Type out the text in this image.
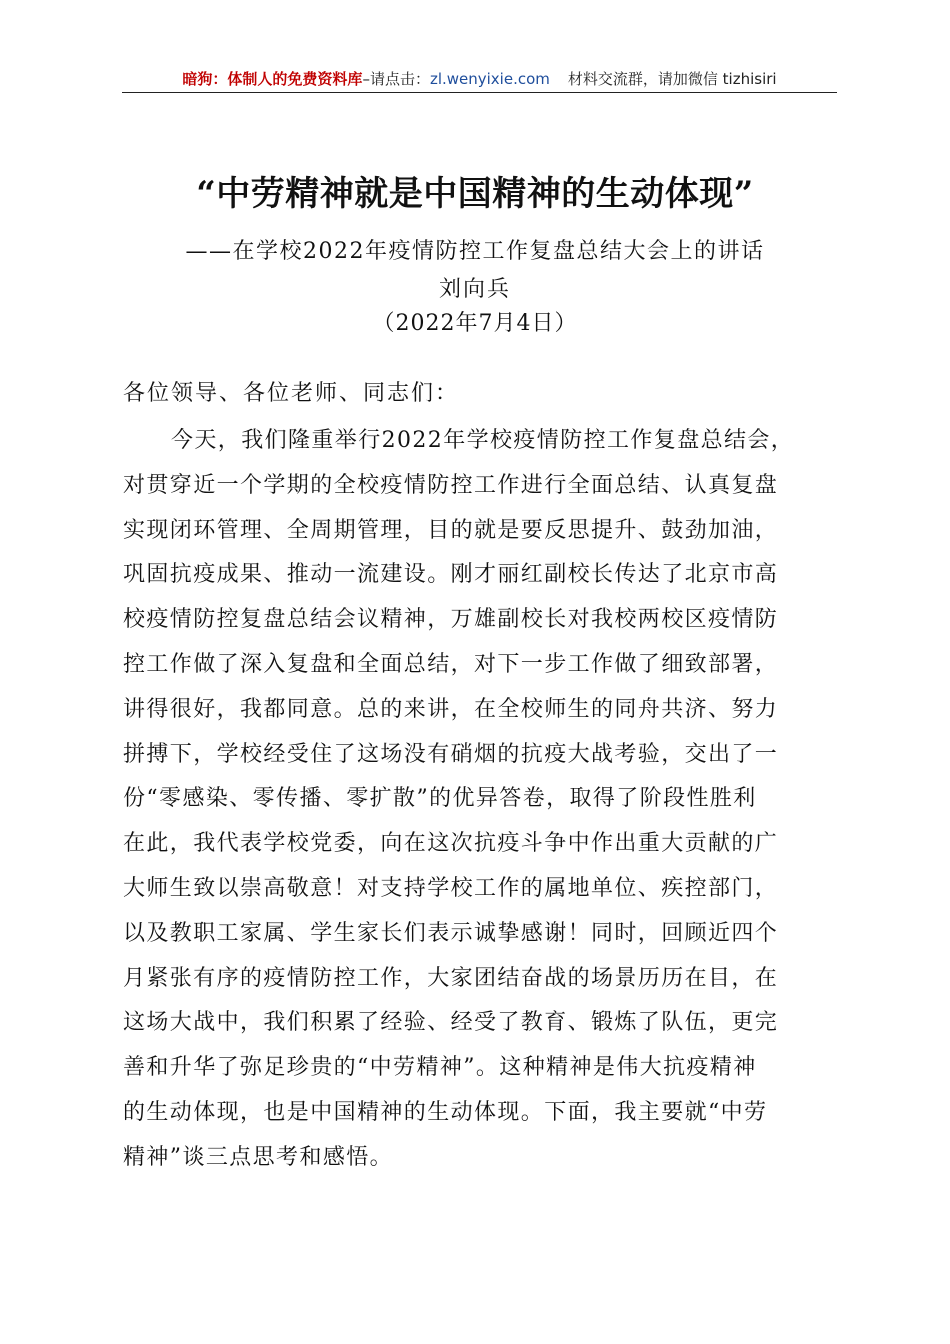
暗狗：体制人的免费资料库–请点击：zl.wenyixie.com 材料交流群，请加微信 tizhisiri
“中劳精神就是中国精神的生动体现”
——在学校2022年疫情防控工作复盘总结大会上的讲话
刘向兵
（2022年7月4日）
各位领导、各位老师、同志们：
今天，我们隆重举行2022年学校疫情防控工作复盘总结会，
对贯穿近一个学期的全校疫情防控工作进行全面总结、认真复盘
实现闭环管理、全周期管理，目的就是要反思提升、鼓劲加油，
巩固抗疫成果、推动一流建设。刚才丽红副校长传达了北京市高
校疫情防控复盘总结会议精神，万雄副校长对我校两校区疫情防
控工作做了深入复盘和全面总结，对下一步工作做了细致部署，
讲得很好，我都同意。总的来讲，在全校师生的同舟共济、努力
拼搏下，学校经受住了这场没有硝烟的抗疫大战考验，交出了一
份“零感染、零传播、零扩散”的优异答卷，取得了阶段性胜利
在此，我代表学校党委，向在这次抗疫斗争中作出重大贡献的广
大师生致以崇高敬意！对支持学校工作的属地单位、疾控部门，
以及教职工家属、学生家长们表示诚挚感谢！同时，回顾近四个
月紧张有序的疫情防控工作，大家团结奋战的场景历历在目，在
这场大战中，我们积累了经验、经受了教育、锻炼了队伍，更完
善和升华了弥足珍贵的“中劳精神”。这种精神是伟大抗疫精神
的生动体现，也是中国精神的生动体现。下面，我主要就“中劳
精神”谈三点思考和感悟。
